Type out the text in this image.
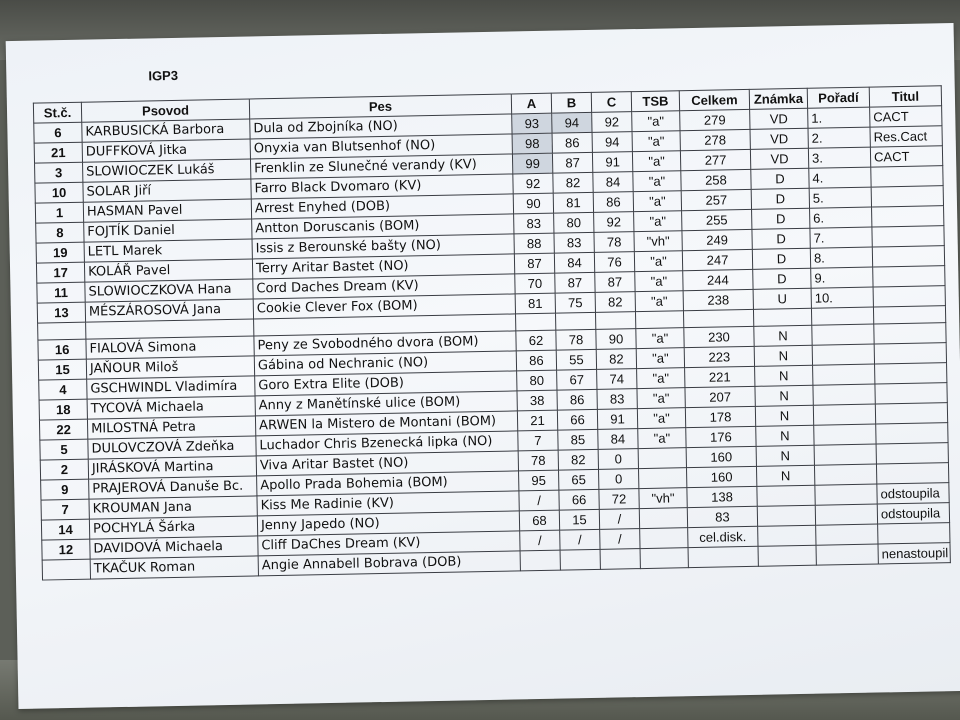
IGP3
St.č.	Psovod	Pes	A	B	C	TSB	Celkem	Známka	Pořadí	Titul
6	KARBUSICKÁ Barbora	Dula od Zbojníka (NO)	93	94	92	"a"	279	VD	1.	CACT
21	DUFFKOVÁ Jitka	Onyxia van Blutsenhof (NO)	98	86	94	"a"	278	VD	2.	Res.Cact
3	SLOWIOCZEK Lukáš	Frenklin ze Slunečné verandy (KV)	99	87	91	"a"	277	VD	3.	CACT
10	SOLAR Jiří	Farro Black Dvomaro (KV)	92	82	84	"a"	258	D	4.	
1	HASMAN Pavel	Arrest Enyhed (DOB)	90	81	86	"a"	257	D	5.	
8	FOJTÍK Daniel	Antton Doruscanis (BOM)	83	80	92	"a"	255	D	6.	
19	LETL Marek	Issis z Berounské bašty (NO)	88	83	78	"vh"	249	D	7.	
17	KOLÁŘ Pavel	Terry Aritar Bastet (NO)	87	84	76	"a"	247	D	8.	
11	SLOWIOCZKOVA Hana	Cord Daches Dream (KV)	70	87	87	"a"	244	D	9.	
13	MÉSZÁROSOVÁ Jana	Cookie Clever Fox (BOM)	81	75	82	"a"	238	U	10.	

16	FIALOVÁ Simona	Peny ze Svobodného dvora (BOM)	62	78	90	"a"	230	N		
15	JAŇOUR Miloš	Gábina od Nechranic (NO)	86	55	82	"a"	223	N		
4	GSCHWINDL Vladimíra	Goro Extra Elite (DOB)	80	67	74	"a"	221	N		
18	TYCOVÁ Michaela	Anny z Manětínské ulice (BOM)	38	86	83	"a"	207	N		
22	MILOSTNÁ Petra	ARWEN la Mistero de Montani (BOM)	21	66	91	"a"	178	N		
5	DULOVCZOVÁ Zdeňka	Luchador Chris Bzenecká lipka (NO)	7	85	84	"a"	176	N		
2	JIRÁSKOVÁ Martina	Viva Aritar Bastet (NO)	78	82	0		160	N		
9	PRAJEROVÁ Danuše Bc.	Apollo Prada Bohemia (BOM)	95	65	0		160	N		
7	KROUMAN Jana	Kiss Me Radinie (KV)	/	66	72	"vh"	138			odstoupila
14	POCHYLÁ Šárka	Jenny Japedo (NO)	68	15	/		83			odstoupila
12	DAVIDOVÁ Michaela	Cliff DaChes Dream (KV)	/	/	/		cel.disk.			
	TKAČUK Roman	Angie Annabell Bobrava (DOB)								nenastoupil
